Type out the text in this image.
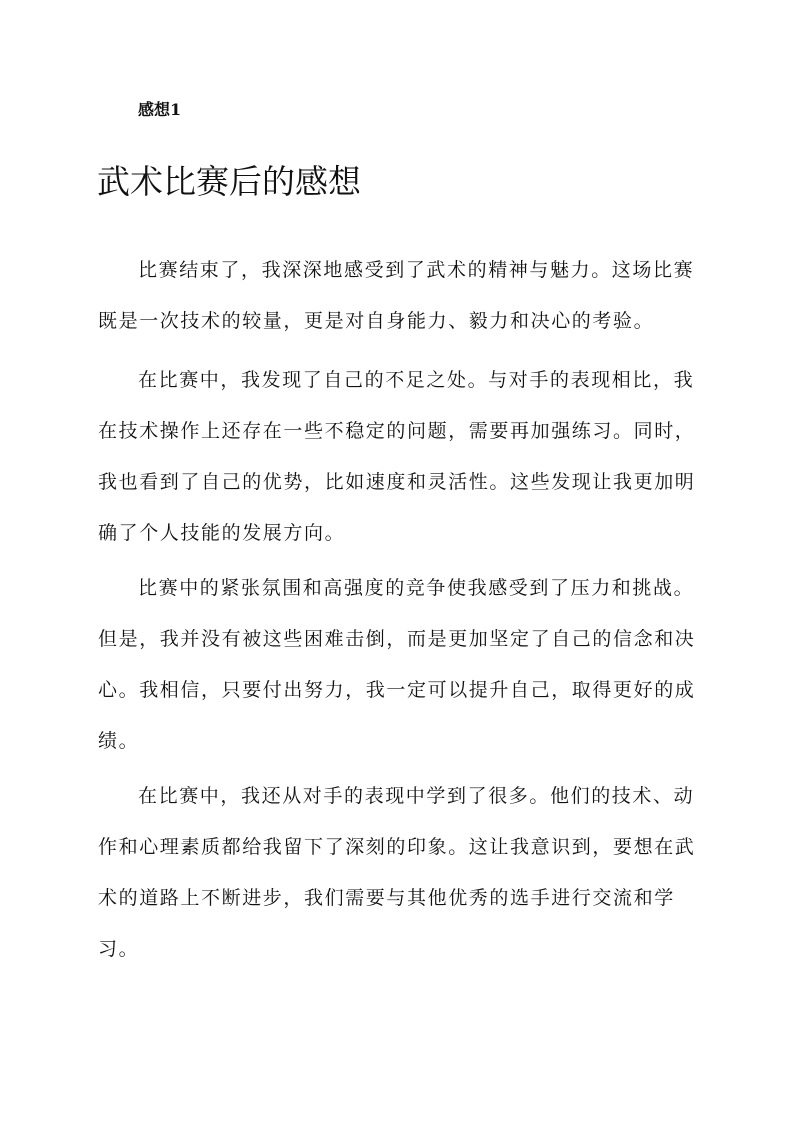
感想1
武术比赛后的感想

比赛结束了，我深深地感受到了武术的精神与魅力。这场比赛既是一次技术的较量，更是对自身能力、毅力和决心的考验。

在比赛中，我发现了自己的不足之处。与对手的表现相比，我在技术操作上还存在一些不稳定的问题，需要再加强练习。同时，我也看到了自己的优势，比如速度和灵活性。这些发现让我更加明确了个人技能的发展方向。

比赛中的紧张氛围和高强度的竞争使我感受到了压力和挑战。但是，我并没有被这些困难击倒，而是更加坚定了自己的信念和决心。我相信，只要付出努力，我一定可以提升自己，取得更好的成绩。

在比赛中，我还从对手的表现中学到了很多。他们的技术、动作和心理素质都给我留下了深刻的印象。这让我意识到，要想在武术的道路上不断进步，我们需要与其他优秀的选手进行交流和学习。
